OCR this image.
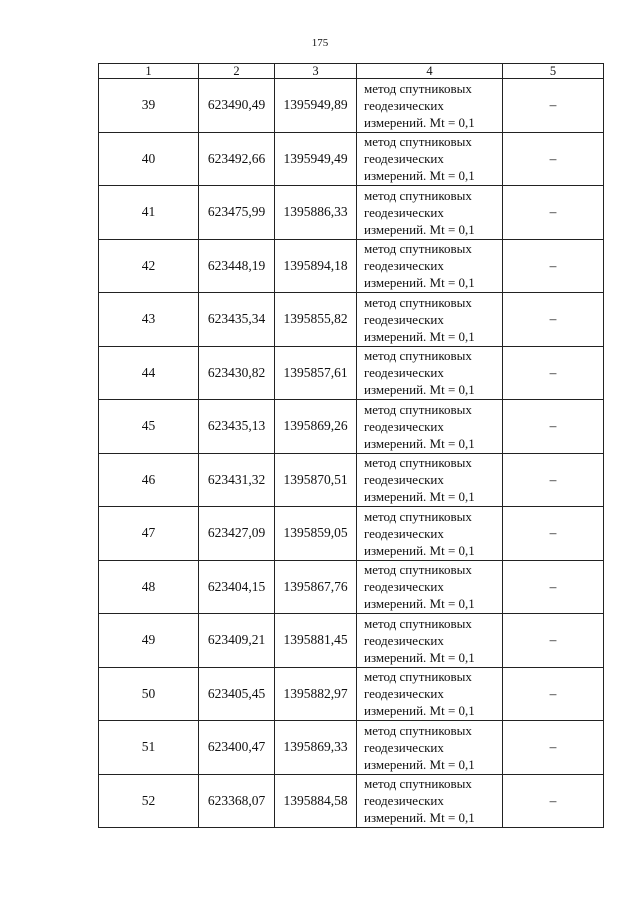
175
1	2	3	4	5
39	623490,49	1395949,89	метод спутниковых
геодезических
измерений. Mt = 0,1	–
40	623492,66	1395949,49	метод спутниковых
геодезических
измерений. Mt = 0,1	–
41	623475,99	1395886,33	метод спутниковых
геодезических
измерений. Mt = 0,1	–
42	623448,19	1395894,18	метод спутниковых
геодезических
измерений. Mt = 0,1	–
43	623435,34	1395855,82	метод спутниковых
геодезических
измерений. Mt = 0,1	–
44	623430,82	1395857,61	метод спутниковых
геодезических
измерений. Mt = 0,1	–
45	623435,13	1395869,26	метод спутниковых
геодезических
измерений. Mt = 0,1	–
46	623431,32	1395870,51	метод спутниковых
геодезических
измерений. Mt = 0,1	–
47	623427,09	1395859,05	метод спутниковых
геодезических
измерений. Mt = 0,1	–
48	623404,15	1395867,76	метод спутниковых
геодезических
измерений. Mt = 0,1	–
49	623409,21	1395881,45	метод спутниковых
геодезических
измерений. Mt = 0,1	–
50	623405,45	1395882,97	метод спутниковых
геодезических
измерений. Mt = 0,1	–
51	623400,47	1395869,33	метод спутниковых
геодезических
измерений. Mt = 0,1	–
52	623368,07	1395884,58	метод спутниковых
геодезических
измерений. Mt = 0,1	–
